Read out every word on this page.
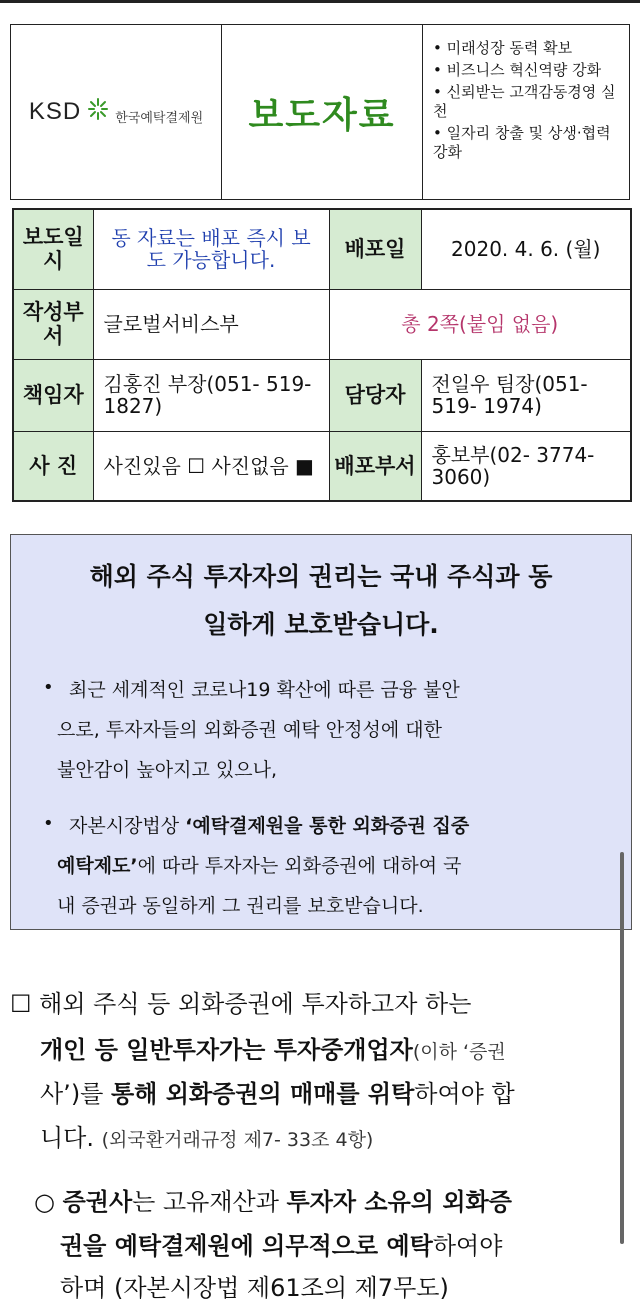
KSD	한국예탁결제원 보도자료
• 미래성장 동력 확보
• 비즈니스 혁신역량 강화
• 신뢰받는 고객감동경영 실천
• 일자리 창출 및 상생·협력 강화
보도일시	동 자료는 배포 즉시 보도 가능합니다.	배포일	2020. 4. 6. (월)
작성부서	글로벌서비스부	총 2쪽(붙임 없음)	
책임자	김홍진 부장(051- 519- 1827)	담당자	전일우 팀장(051- 519- 1974)
사 진	사진있음 ☐ 사진없음 ■	배포부서	홍보부(02- 3774- 3060)
해외 주식 투자자의 권리는 국내 주식과 동
일하게 보호받습니다.
• 최근 세계적인 코로나19 확산에 따른 금융 불안
으로, 투자자들의 외화증권 예탁 안정성에 대한
불안감이 높아지고 있으나,
• 자본시장법상 ‘예탁결제원을 통한 외화증권 집중
예탁제도’에 따라 투자자는 외화증권에 대하여 국
내 증권과 동일하게 그 권리를 보호받습니다.
☐ 해외 주식 등 외화증권에 투자하고자 하는
개인 등 일반투자가는 투자중개업자(이하 ‘증권
사’)를 통해 외화증권의 매매를 위탁하여야 합
니다. (외국환거래규정 제7- 33조 4항)
○ 증권사는 고유재산과 투자자 소유의 외화증
권을 예탁결제원에 의무적으로 예탁하여야
하며 (자본시장법 제61조의 제7무도)
